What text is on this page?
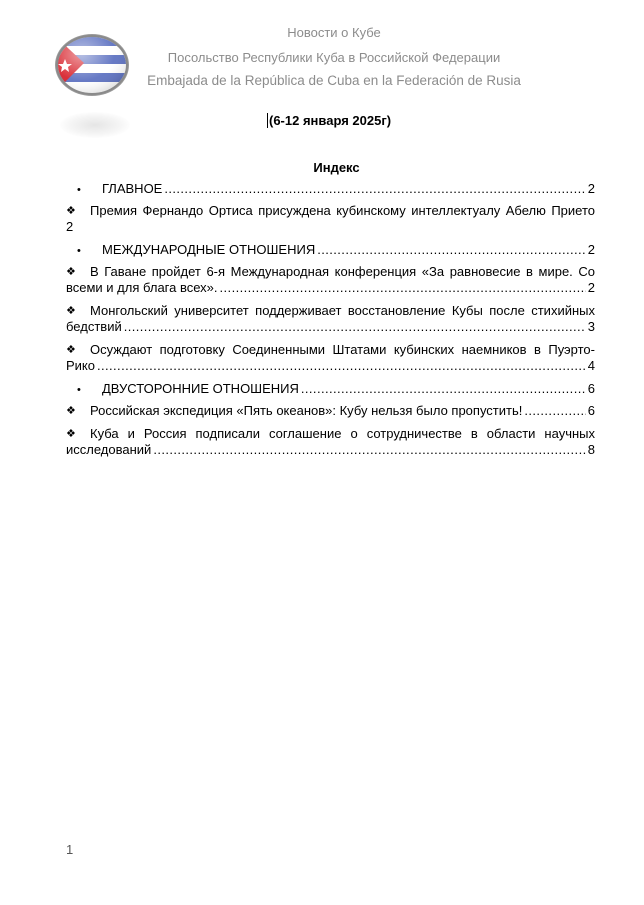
Новости о Кубе
Посольство Республики Куба в Российской Федерации
Embajada de la República de Cuba en la Federación de Rusia
(6-12 января 2025г)
Индекс
•	ГЛАВНОЕ .....	2
❖ Премия Фернандо Ортиса присуждена кубинскому интеллектуалу Абелю Прието
2
•	МЕЖДУНАРОДНЫЕ ОТНОШЕНИЯ .....	2
❖ В Гаване пройдет 6-я Международная конференция «За равновесие в мире. Со
всеми и для блага всех». .....	2
❖ Монгольский университет поддерживает восстановление Кубы после стихийных
бедствий .....	3
❖ Осуждают подготовку Соединенными Штатами кубинских наемников в Пуэрто-
Рико .....	4
•	ДВУСТОРОННИЕ ОТНОШЕНИЯ .....	6
❖ Российская экспедиция «Пять океанов»: Кубу нельзя было пропустить! .....	6
❖ Куба и Россия подписали соглашение о сотрудничестве в области научных
исследований .....	8
1
